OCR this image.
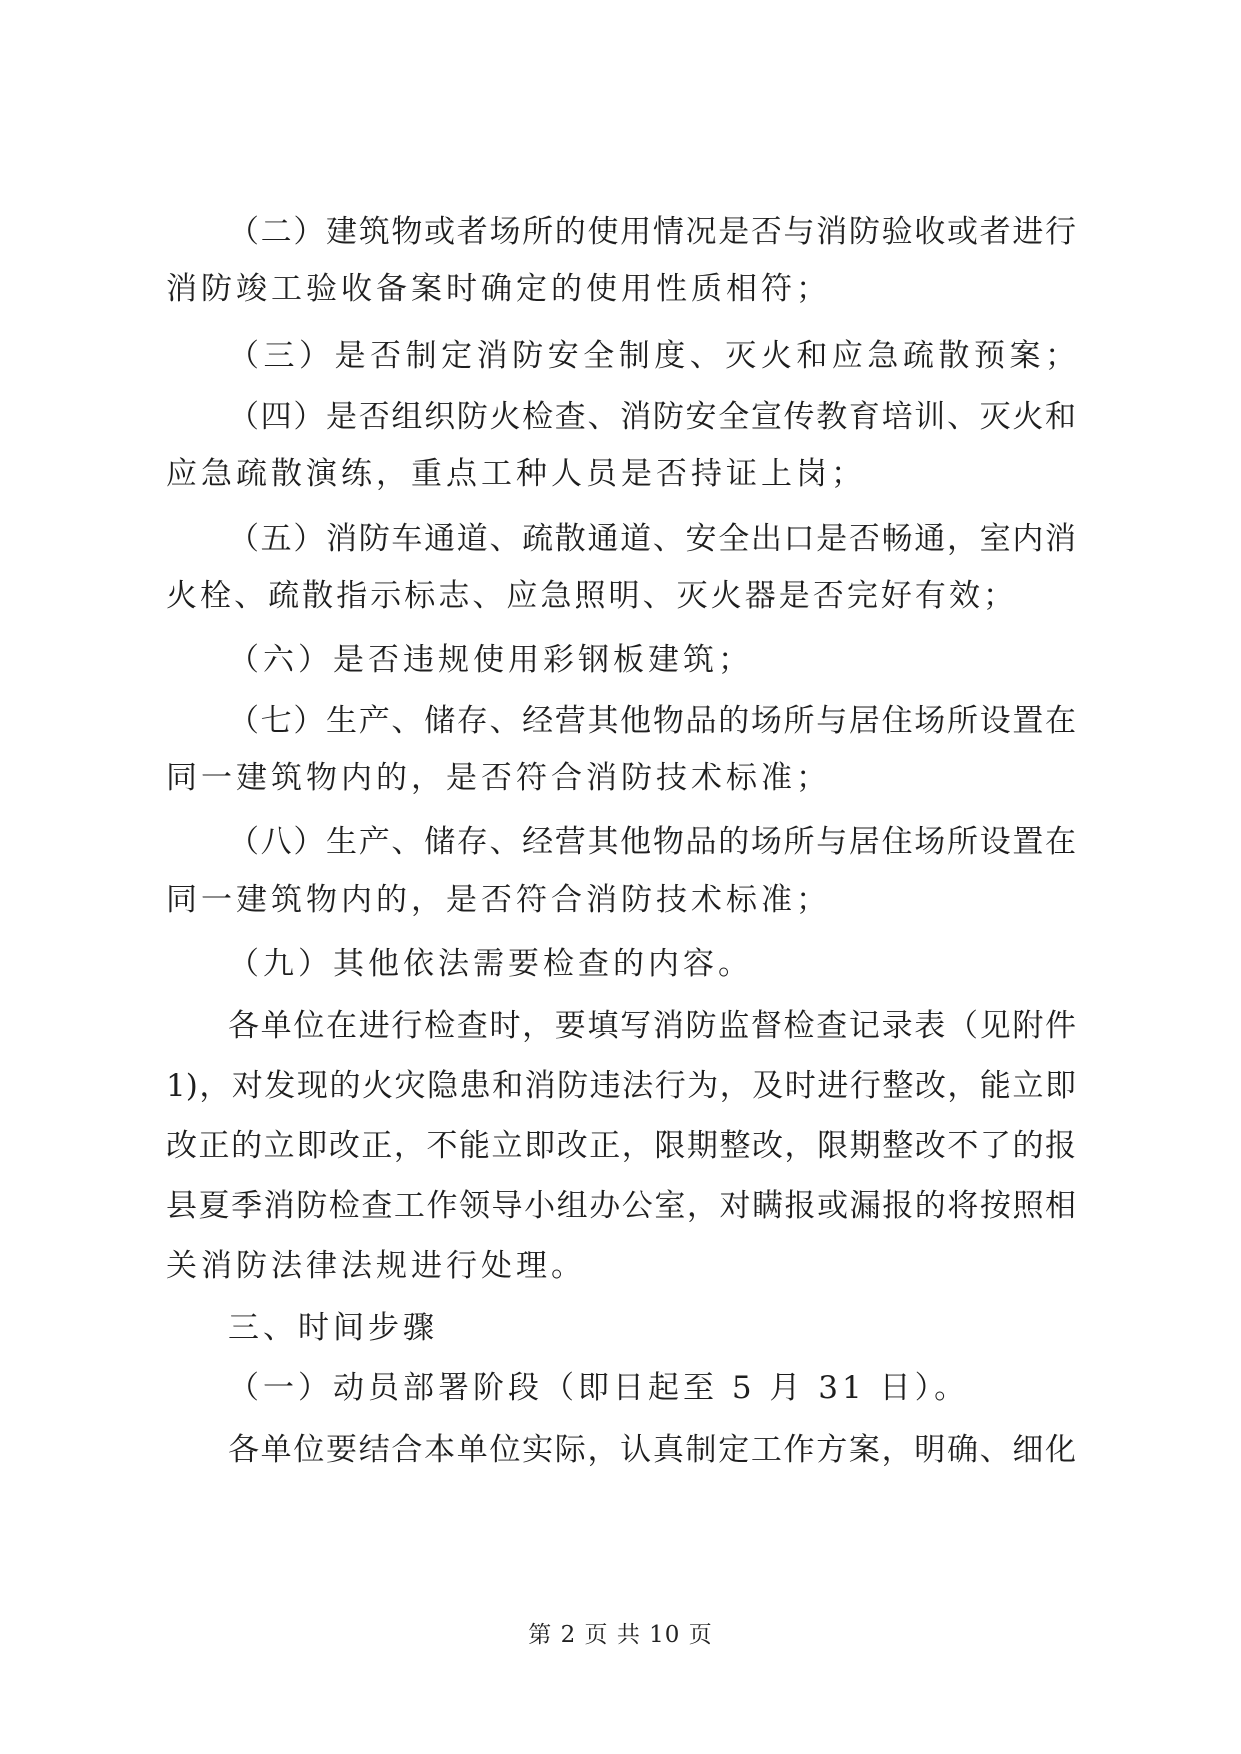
（二）建筑物或者场所的使用情况是否与消防验收或者进行
消防竣工验收备案时确定的使用性质相符；
（三）是否制定消防安全制度、灭火和应急疏散预案；
（四）是否组织防火检查、消防安全宣传教育培训、灭火和
应急疏散演练，重点工种人员是否持证上岗；
（五）消防车通道、疏散通道、安全出口是否畅通，室内消
火栓、疏散指示标志、应急照明、灭火器是否完好有效；
（六）是否违规使用彩钢板建筑；
（七）生产、储存、经营其他物品的场所与居住场所设置在
同一建筑物内的，是否符合消防技术标准；
（八）生产、储存、经营其他物品的场所与居住场所设置在
同一建筑物内的，是否符合消防技术标准；
（九）其他依法需要检查的内容。
各单位在进行检查时，要填写消防监督检查记录表（见附件
1)，对发现的火灾隐患和消防违法行为，及时进行整改，能立即
改正的立即改正，不能立即改正，限期整改，限期整改不了的报
县夏季消防检查工作领导小组办公室，对瞒报或漏报的将按照相
关消防法律法规进行处理。
三、时间步骤
（一）动员部署阶段（即日起至 5 月 31 日）。
各单位要结合本单位实际，认真制定工作方案，明确、细化
第 2 页 共 10 页
